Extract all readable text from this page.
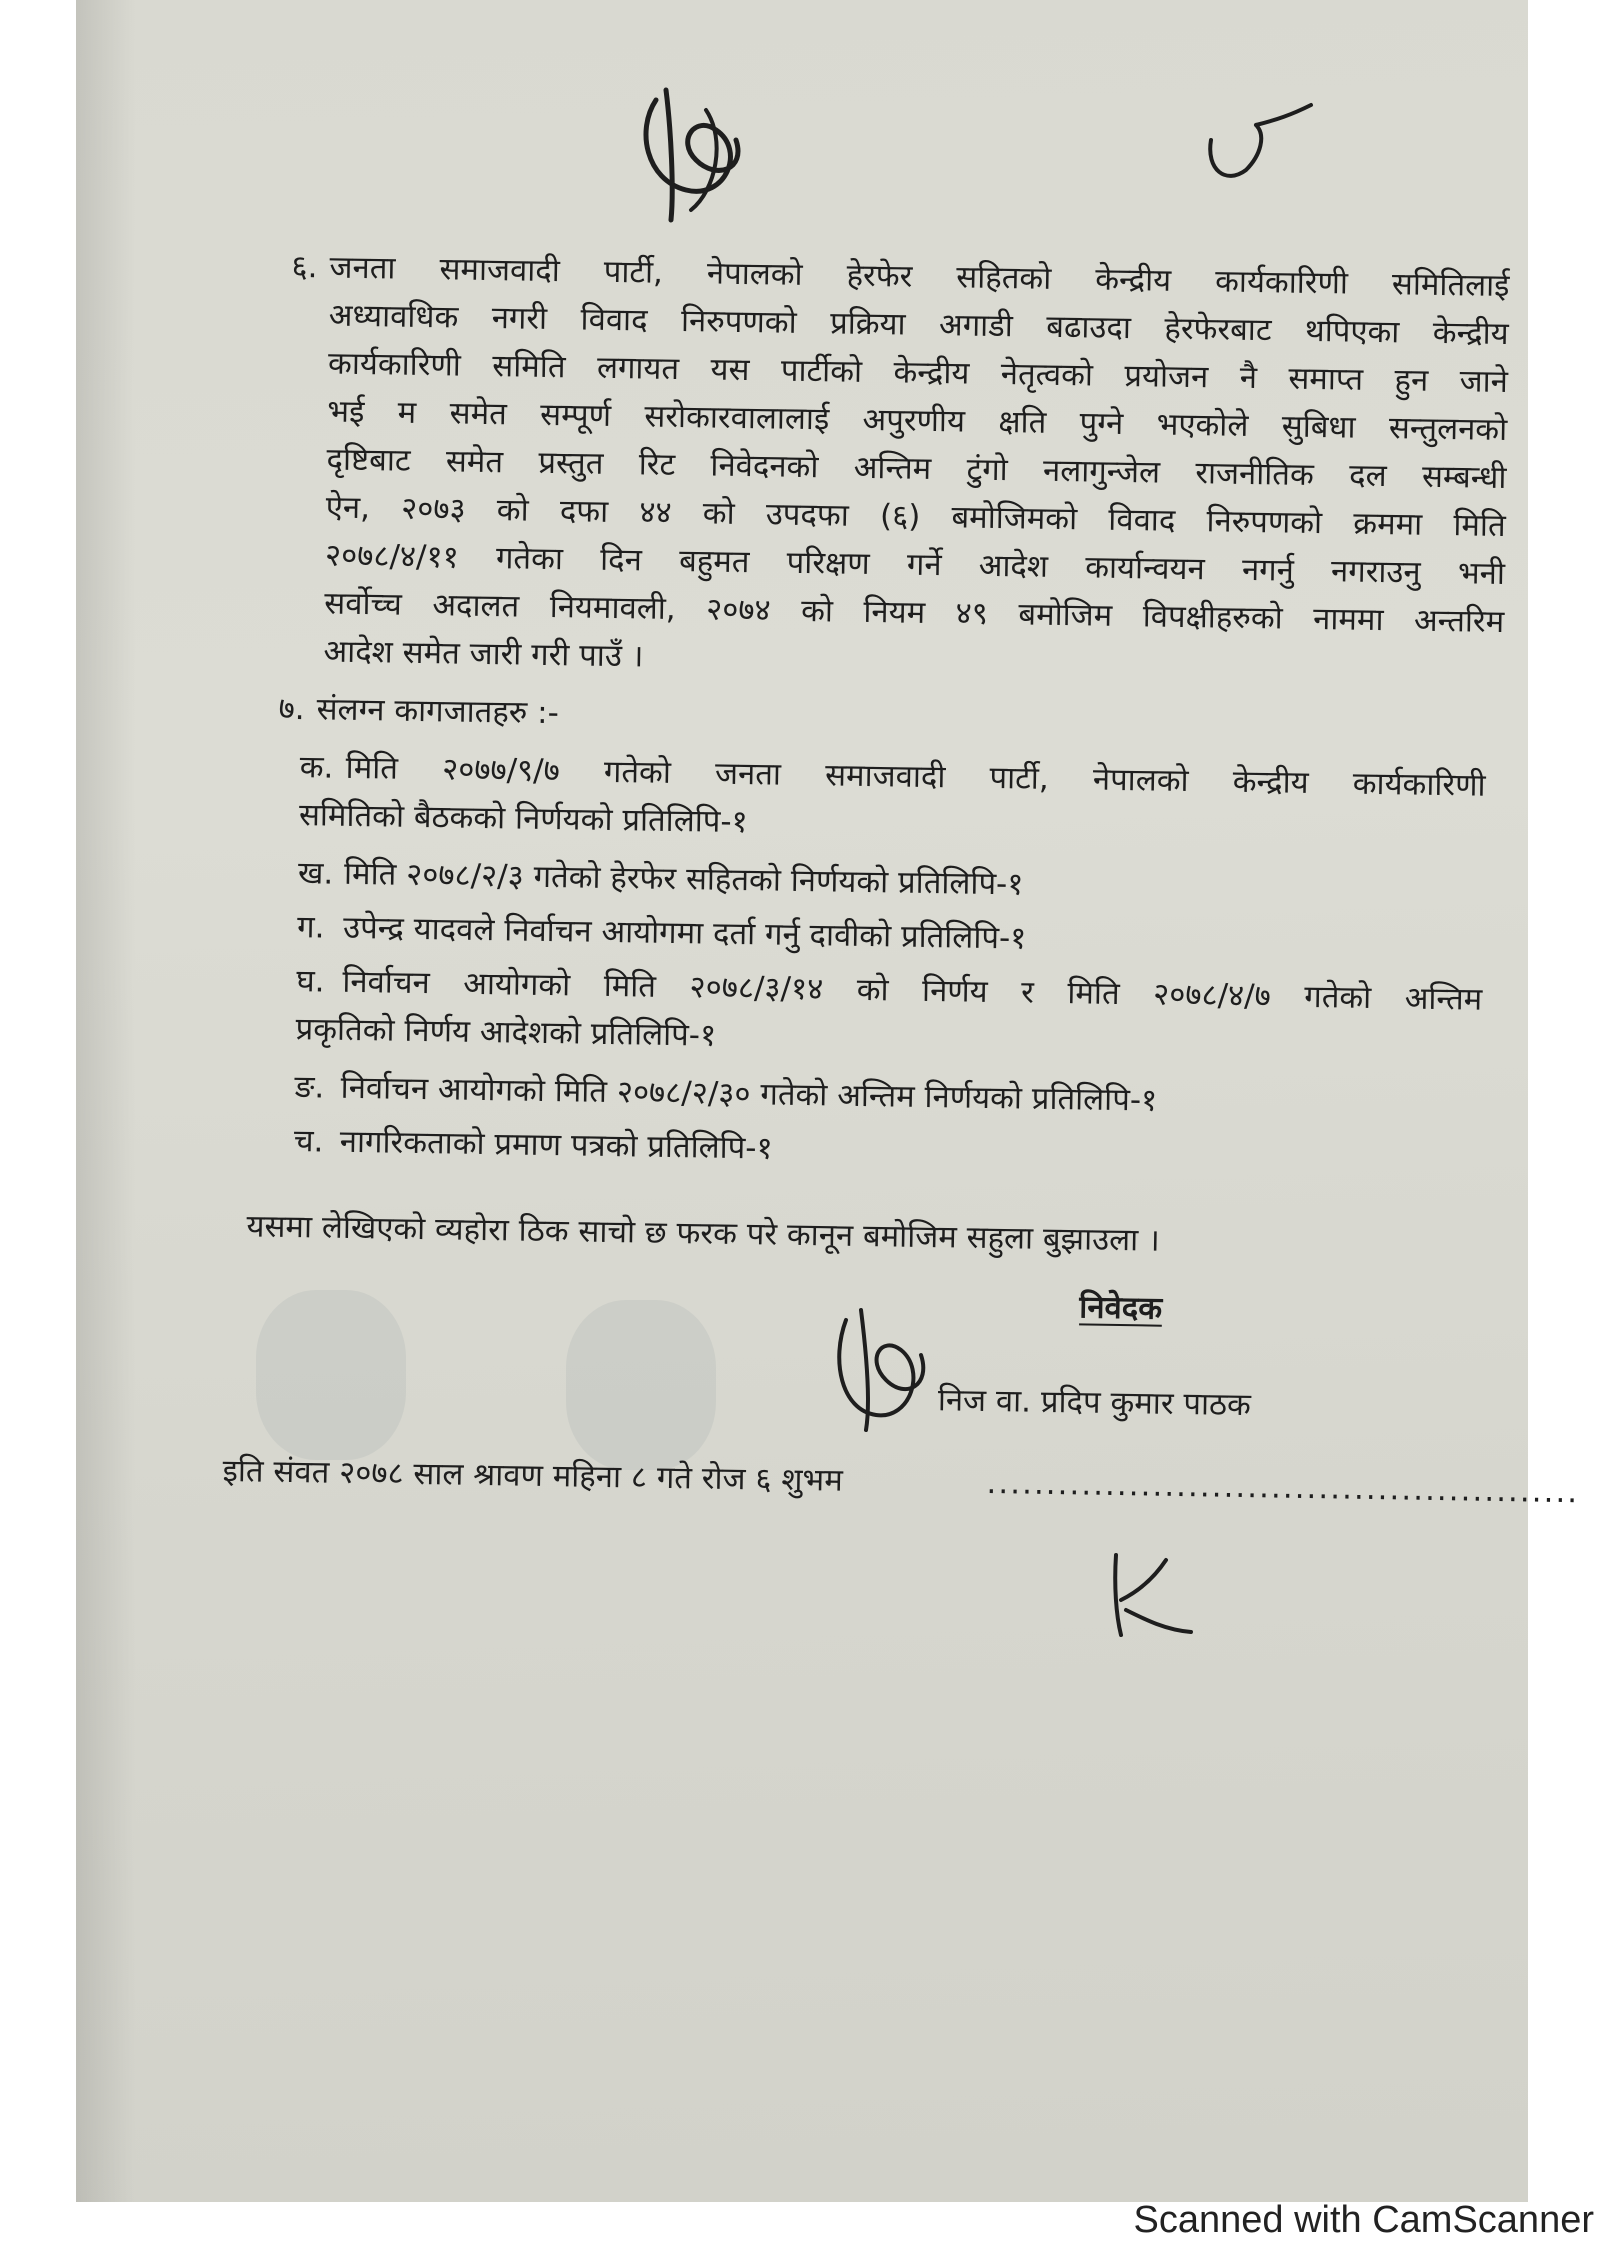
६. जनता समाजवादी पार्टी, नेपालको हेरफेर सहितको केन्द्रीय कार्यकारिणी समितिलाई
अध्यावधिक नगरी विवाद निरुपणको प्रक्रिया अगाडी बढाउदा हेरफेरबाट थपिएका केन्द्रीय
कार्यकारिणी समिति लगायत यस पार्टीको केन्द्रीय नेतृत्वको प्रयोजन नै समाप्त हुन जाने
भई म समेत सम्पूर्ण सरोकारवालालाई अपुरणीय क्षति पुग्ने भएकोले सुबिधा सन्तुलनको
दृष्टिबाट समेत प्रस्तुत रिट निवेदनको अन्तिम टुंगो नलागुन्जेल राजनीतिक दल सम्बन्धी
ऐन, २०७३ को दफा ४४ को उपदफा (६) बमोजिमको विवाद निरुपणको क्रममा मिति
२०७८/४/११ गतेका दिन बहुमत परिक्षण गर्ने आदेश कार्यान्वयन नगर्नु नगराउनु भनी
सर्वोच्च अदालत नियमावली, २०७४ को नियम ४९ बमोजिम विपक्षीहरुको नाममा अन्तरिम
आदेश समेत जारी गरी पाउँ ।
७. संलग्न कागजातहरु :-
क. मिति २०७७/९/७ गतेको जनता समाजवादी पार्टी, नेपालको केन्द्रीय कार्यकारिणी
समितिको बैठकको निर्णयको प्रतिलिपि-१
ख. मिति २०७८/२/३ गतेको हेरफेर सहितको निर्णयको प्रतिलिपि-१
ग. उपेन्द्र यादवले निर्वाचन आयोगमा दर्ता गर्नु दावीको प्रतिलिपि-१
घ. निर्वाचन आयोगको मिति २०७८/३/१४ को निर्णय र मिति २०७८/४/७ गतेको अन्तिम
प्रकृतिको निर्णय आदेशको प्रतिलिपि-१
ङ. निर्वाचन आयोगको मिति २०७८/२/३० गतेको अन्तिम निर्णयको प्रतिलिपि-१
च. नागरिकताको प्रमाण पत्रको प्रतिलिपि-१
यसमा लेखिएको व्यहोरा ठिक साचो छ फरक परे कानून बमोजिम सहुला बुझाउला ।
निवेदक
निज वा. प्रदिप कुमार पाठक
इति संवत २०७८ साल श्रावण महिना ८ गते रोज ६ शुभम	..................................................
Scanned with CamScanner
